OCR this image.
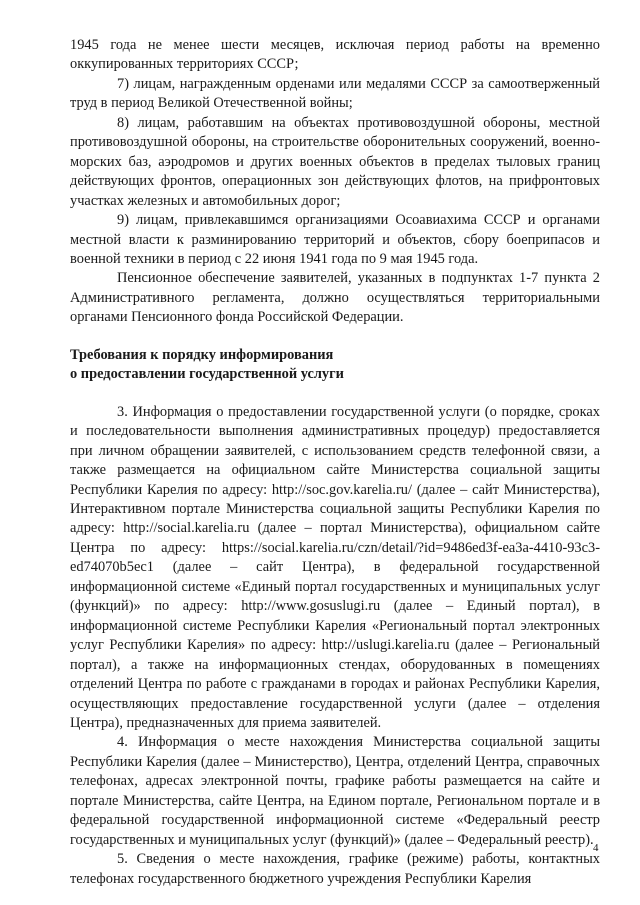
1945 года не менее шести месяцев, исключая период работы на временно оккупированных территориях СССР;

7) лицам, награжденным орденами или медалями СССР за самоотверженный труд в период Великой Отечественной войны;

8) лицам, работавшим на объектах противовоздушной обороны, местной противовоздушной обороны, на строительстве оборонительных сооружений, военно-морских баз, аэродромов и других военных объектов в пределах тыловых границ действующих фронтов, операционных зон действующих флотов, на прифронтовых участках железных и автомобильных дорог;

9) лицам, привлекавшимся организациями Осоавиахима СССР и органами местной власти к разминированию территорий и объектов, сбору боеприпасов и военной техники в период с 22 июня 1941 года по 9 мая 1945 года.

Пенсионное обеспечение заявителей, указанных в подпунктах 1-7 пункта 2 Административного регламента, должно осуществляться территориальными органами Пенсионного фонда Российской Федерации.

Требования к порядку информирования

о предоставлении государственной услуги

3. Информация о предоставлении государственной услуги (о порядке, сроках и последовательности выполнения административных процедур) предоставляется при личном обращении заявителей, с использованием средств телефонной связи, а также размещается на официальном сайте Министерства социальной защиты Республики Карелия по адресу: http://soc.gov.karelia.ru/ (далее – сайт Министерства), Интерактивном портале Министерства социальной защиты Республики Карелия по адресу: http://social.karelia.ru (далее – портал Министерства), официальном сайте Центра по адресу: https://social.karelia.ru/czn/detail/?id=9486ed3f-ea3a-4410-93c3-ed74070b5ec1 (далее – сайт Центра), в федеральной государственной информационной системе «Единый портал государственных и муниципальных услуг (функций)» по адресу: http://www.gosuslugi.ru (далее – Единый портал), в информационной системе Республики Карелия «Региональный портал электронных услуг Республики Карелия» по адресу: http://uslugi.karelia.ru (далее – Региональный портал), а также на информационных стендах, оборудованных в помещениях отделений Центра по работе с гражданами в городах и районах Республики Карелия, осуществляющих предоставление государственной услуги (далее – отделения Центра), предназначенных для приема заявителей.

4. Информация о месте нахождения Министерства социальной защиты Республики Карелия (далее – Министерство), Центра, отделений Центра, справочных телефонах, адресах электронной почты, графике работы размещается на сайте и портале Министерства, сайте Центра, на Едином портале, Региональном портале и в федеральной государственной информационной системе «Федеральный реестр государственных и муниципальных услуг (функций)» (далее – Федеральный реестр).

5. Сведения о месте нахождения, графике (режиме) работы, контактных телефонах государственного бюджетного учреждения Республики Карелия

4
